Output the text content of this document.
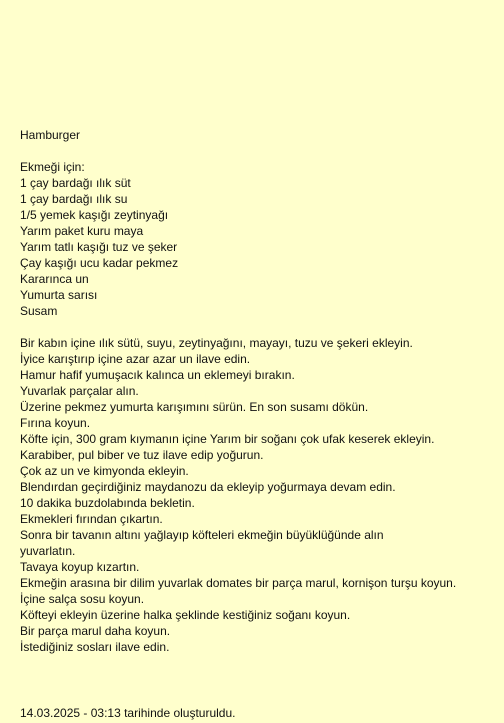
Hamburger
Ekmeği için:
1 çay bardağı ılık süt
1 çay bardağı ılık su
1/5 yemek kaşığı zeytinyağı
Yarım paket kuru maya
Yarım tatlı kaşığı tuz ve şeker
Çay kaşığı ucu kadar pekmez
Kararınca un
Yumurta sarısı
Susam
Bir kabın içine ılık sütü, suyu, zeytinyağını, mayayı, tuzu ve şekeri ekleyin.
İyice karıştırıp içine azar azar un ilave edin.
Hamur hafif yumuşacık kalınca un eklemeyi bırakın.
Yuvarlak parçalar alın.
Üzerine pekmez yumurta karışımını sürün. En son susamı dökün.
Fırına koyun.
Köfte için, 300 gram kıymanın içine Yarım bir soğanı çok ufak keserek ekleyin.
Karabiber, pul biber ve tuz ilave edip yoğurun.
Çok az un ve kimyonda ekleyin.
Blendırdan geçirdiğiniz maydanozu da ekleyip yoğurmaya devam edin.
10 dakika buzdolabında bekletin.
Ekmekleri fırından çıkartın.
Sonra bir tavanın altını yağlayıp köfteleri ekmeğin büyüklüğünde alın yuvarlatın.
Tavaya koyup kızartın.
Ekmeğin arasına bir dilim yuvarlak domates bir parça marul, kornişon turşu koyun.
İçine salça sosu koyun.
Köfteyi ekleyin üzerine halka şeklinde kestiğiniz soğanı koyun.
Bir parça marul daha koyun.
İstediğiniz sosları ilave edin.
14.03.2025 - 03:13 tarihinde oluşturuldu.
